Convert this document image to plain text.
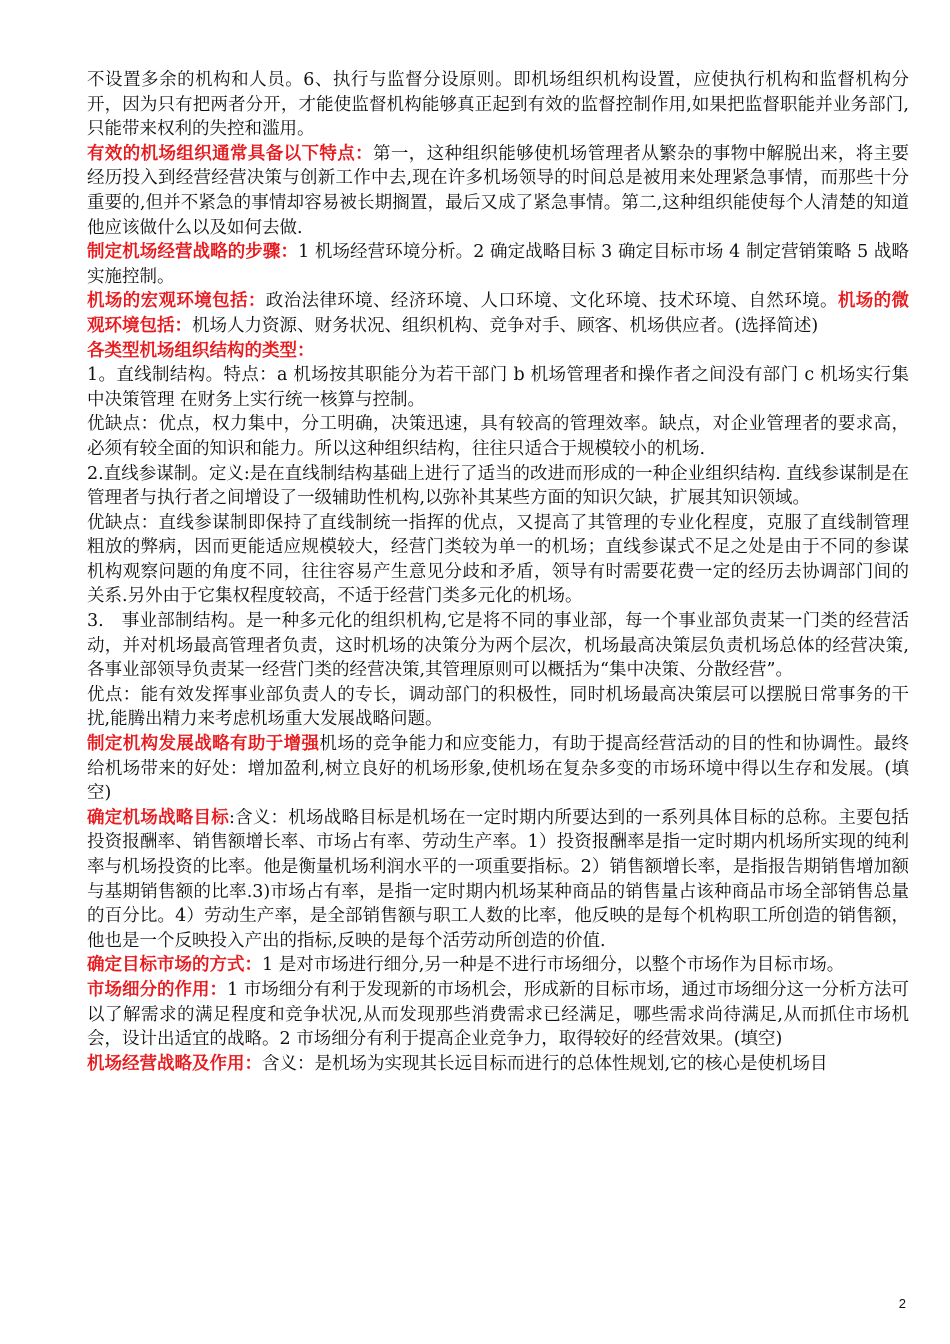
不设置多余的机构和人员。6、执行与监督分设原则。即机场组织机构设置，应使执行机构和监督机构分开，因为只有把两者分开，才能使监督机构能够真正起到有效的监督控制作用,如果把监督职能并业务部门,只能带来权利的失控和滥用。

有效的机场组织通常具备以下特点：第一，这种组织能够使机场管理者从繁杂的事物中解脱出来，将主要经历投入到经营经营决策与创新工作中去,现在许多机场领导的时间总是被用来处理紧急事情，而那些十分重要的,但并不紧急的事情却容易被长期搁置，最后又成了紧急事情。第二,这种组织能使每个人清楚的知道他应该做什么以及如何去做.

制定机场经营战略的步骤：1 机场经营环境分析。2 确定战略目标 3 确定目标市场 4 制定营销策略 5 战略实施控制。

机场的宏观环境包括：政治法律环境、经济环境、人口环境、文化环境、技术环境、自然环境。机场的微观环境包括：机场人力资源、财务状况、组织机构、竞争对手、顾客、机场供应者。(选择简述)

各类型机场组织结构的类型：

1。直线制结构。特点：a 机场按其职能分为若干部门 b 机场管理者和操作者之间没有部门 c 机场实行集中决策管理 在财务上实行统一核算与控制。

优缺点：优点，权力集中，分工明确，决策迅速，具有较高的管理效率。缺点，对企业管理者的要求高，必须有较全面的知识和能力。所以这种组织结构，往往只适合于规模较小的机场.

2.直线参谋制。定义:是在直线制结构基础上进行了适当的改进而形成的一种企业组织结构. 直线参谋制是在管理者与执行者之间增设了一级辅助性机构,以弥补其某些方面的知识欠缺，扩展其知识领域。

优缺点：直线参谋制即保持了直线制统一指挥的优点，又提高了其管理的专业化程度，克服了直线制管理粗放的弊病，因而更能适应规模较大，经营门类较为单一的机场；直线参谋式不足之处是由于不同的参谋机构观察问题的角度不同，往往容易产生意见分歧和矛盾，领导有时需要花费一定的经历去协调部门间的关系.另外由于它集权程度较高，不适于经营门类多元化的机场。

3.　事业部制结构。是一种多元化的组织机构,它是将不同的事业部，每一个事业部负责某一门类的经营活动，并对机场最高管理者负责，这时机场的决策分为两个层次，机场最高决策层负责机场总体的经营决策,各事业部领导负责某一经营门类的经营决策,其管理原则可以概括为“集中决策、分散经营”。

优点：能有效发挥事业部负责人的专长，调动部门的积极性，同时机场最高决策层可以摆脱日常事务的干扰,能腾出精力来考虑机场重大发展战略问题。

制定机构发展战略有助于增强机场的竞争能力和应变能力，有助于提高经营活动的目的性和协调性。最终给机场带来的好处：增加盈利,树立良好的机场形象,使机场在复杂多变的市场环境中得以生存和发展。(填空)

确定机场战略目标:含义：机场战略目标是机场在一定时期内所要达到的一系列具体目标的总称。主要包括投资报酬率、销售额增长率、市场占有率、劳动生产率。1）投资报酬率是指一定时期内机场所实现的纯利率与机场投资的比率。他是衡量机场利润水平的一项重要指标。2）销售额增长率，是指报告期销售增加额与基期销售额的比率.3)市场占有率，是指一定时期内机场某种商品的销售量占该种商品市场全部销售总量的百分比。4）劳动生产率，是全部销售额与职工人数的比率，他反映的是每个机构职工所创造的销售额，他也是一个反映投入产出的指标,反映的是每个活劳动所创造的价值.

确定目标市场的方式：1 是对市场进行细分,另一种是不进行市场细分，以整个市场作为目标市场。

市场细分的作用：1 市场细分有利于发现新的市场机会，形成新的目标市场，通过市场细分这一分析方法可以了解需求的满足程度和竞争状况,从而发现那些消费需求已经满足，哪些需求尚待满足,从而抓住市场机会，设计出适宜的战略。2 市场细分有利于提高企业竞争力，取得较好的经营效果。(填空)

机场经营战略及作用：含义：是机场为实现其长远目标而进行的总体性规划,它的核心是使机场目

2
